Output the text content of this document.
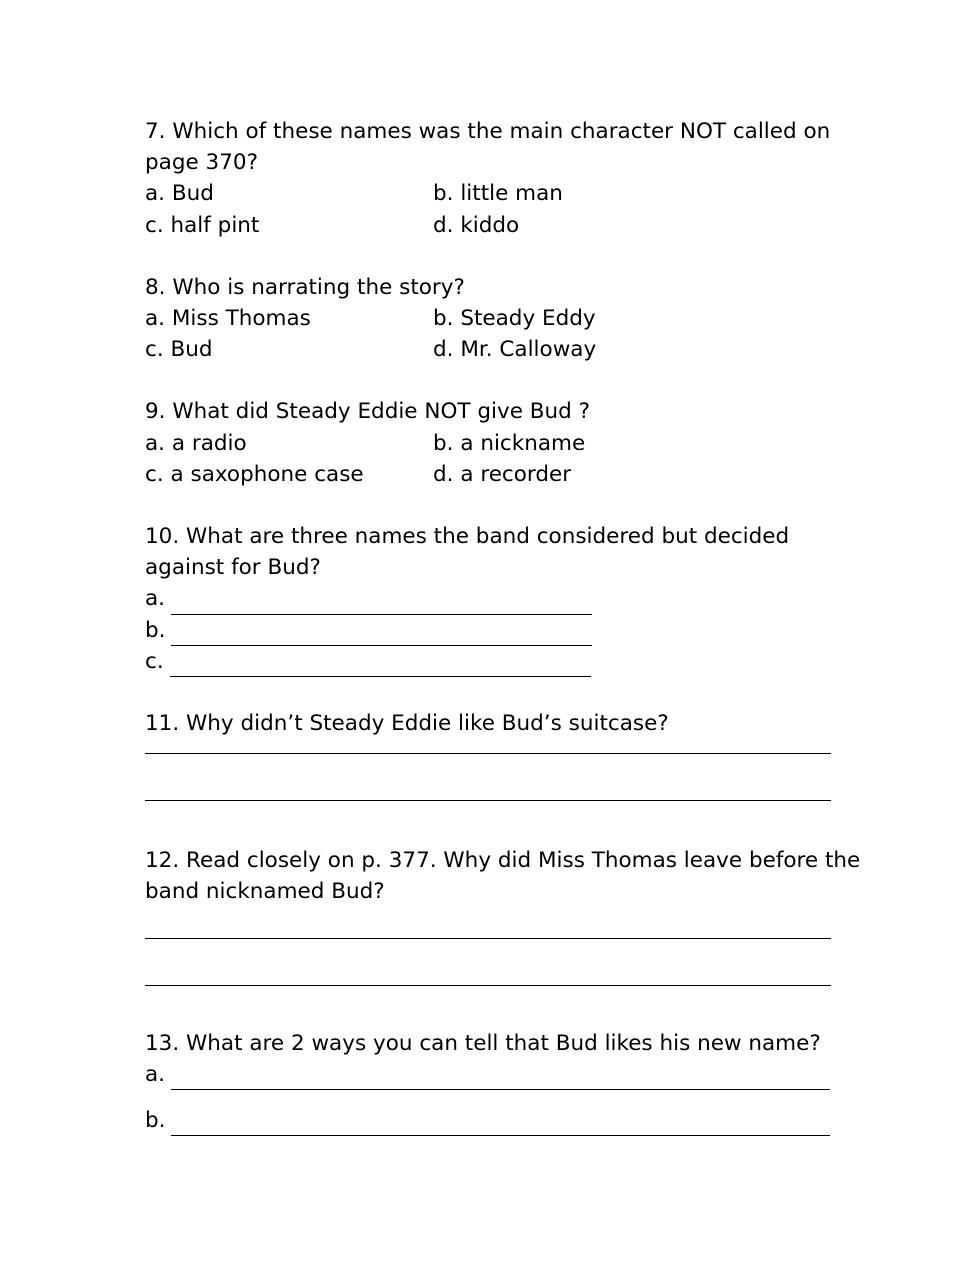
7. Which of these names was the main character NOT called on
page 370?
a. Bud	b. little man
c. half pint	d. kiddo
8. Who is narrating the story?
a. Miss Thomas	b. Steady Eddy
c. Bud	d. Mr. Calloway
9. What did Steady Eddie NOT give Bud ?
a. a radio	b. a nickname
c. a saxophone case	d. a recorder
10. What are three names the band considered but decided
against for Bud?
a.
b.
c.
11. Why didn’t Steady Eddie like Bud’s suitcase?
12. Read closely on p. 377. Why did Miss Thomas leave before the
band nicknamed Bud?
13. What are 2 ways you can tell that Bud likes his new name?
a.
b.
